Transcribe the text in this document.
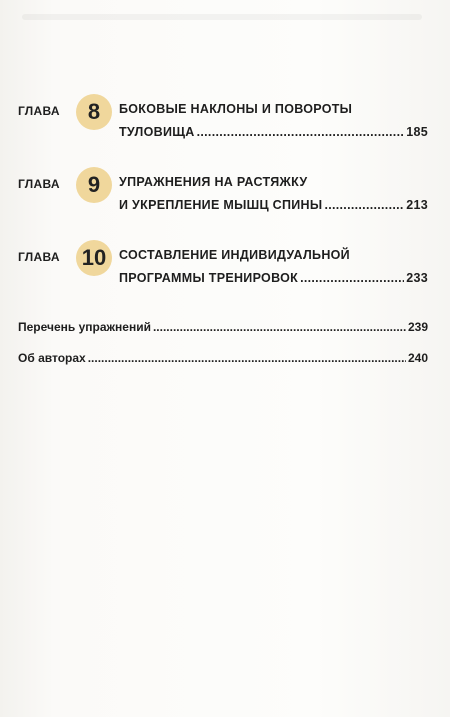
ГЛАВА	8	БОКОВЫЕ НАКЛОНЫ И ПОВОРОТЫ
ТУЛОВИЩА .....	185
ГЛАВА	9	УПРАЖНЕНИЯ НА РАСТЯЖКУ
И УКРЕПЛЕНИЕ МЫШЦ СПИНЫ .....	213
ГЛАВА 10	СОСТАВЛЕНИЕ ИНДИВИДУАЛЬНОЙ
ПРОГРАММЫ ТРЕНИРОВОК .....	233
Перечень упражнений .....	239
Об авторах .....	240
